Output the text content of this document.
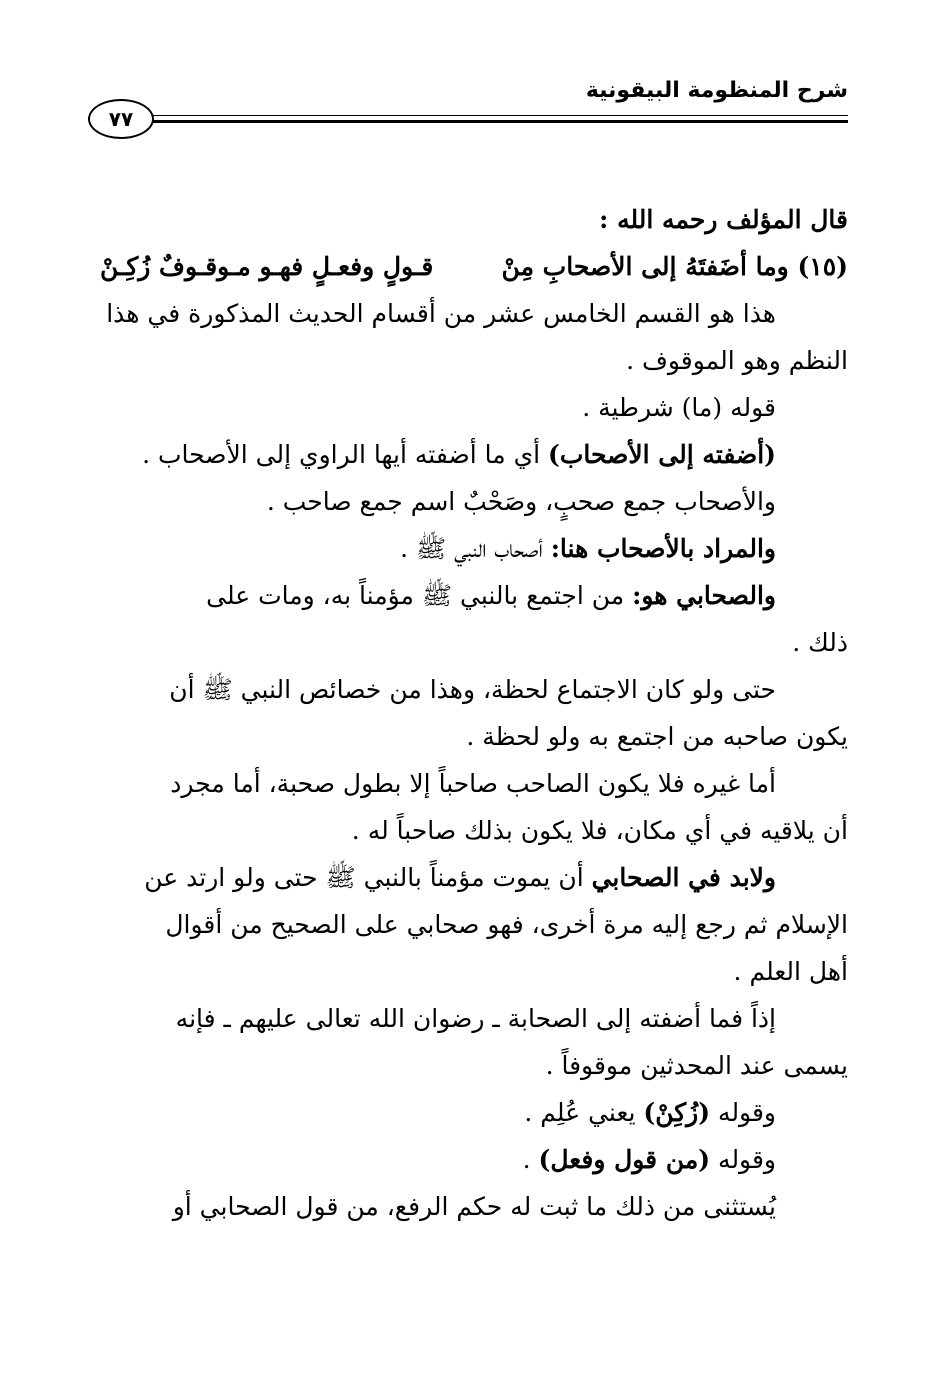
شرح المنظومة البيقونية
٧٧
قال المؤلف رحمه الله :
(١٥) وما أضَفتَهُ إلى الأصحابِ مِنْ
قـولٍ وفعـلٍ فهـو مـوقـوفٌ زُكِـنْ
هذا هو القسم الخامس عشر من أقسام الحديث المذكورة في هذا
النظم وهو الموقوف .
قوله (ما) شرطية .
(أضفته إلى الأصحاب) أي ما أضفته أيها الراوي إلى الأصحاب .
والأصحاب جمع صحبٍ، وصَحْبٌ اسم جمع صاحب .
والمراد بالأصحاب هنا: أصحاب النبي ﷺ .
والصحابي هو: من اجتمع بالنبي ﷺ مؤمناً به، ومات على
ذلك .
حتى ولو كان الاجتماع لحظة، وهذا من خصائص النبي ﷺ أن
يكون صاحبه من اجتمع به ولو لحظة .
أما غيره فلا يكون الصاحب صاحباً إلا بطول صحبة، أما مجرد
أن يلاقيه في أي مكان، فلا يكون بذلك صاحباً له .
ولابد في الصحابي أن يموت مؤمناً بالنبي ﷺ حتى ولو ارتد عن
الإسلام ثم رجع إليه مرة أخرى، فهو صحابي على الصحيح من أقوال
أهل العلم .
إذاً فما أضفته إلى الصحابة ـ رضوان الله تعالى عليهم ـ فإنه
يسمى عند المحدثين موقوفاً .
وقوله (زُكِنْ) يعني عُلِم .
وقوله (من قول وفعل) .
يُستثنى من ذلك ما ثبت له حكم الرفع، من قول الصحابي أو
